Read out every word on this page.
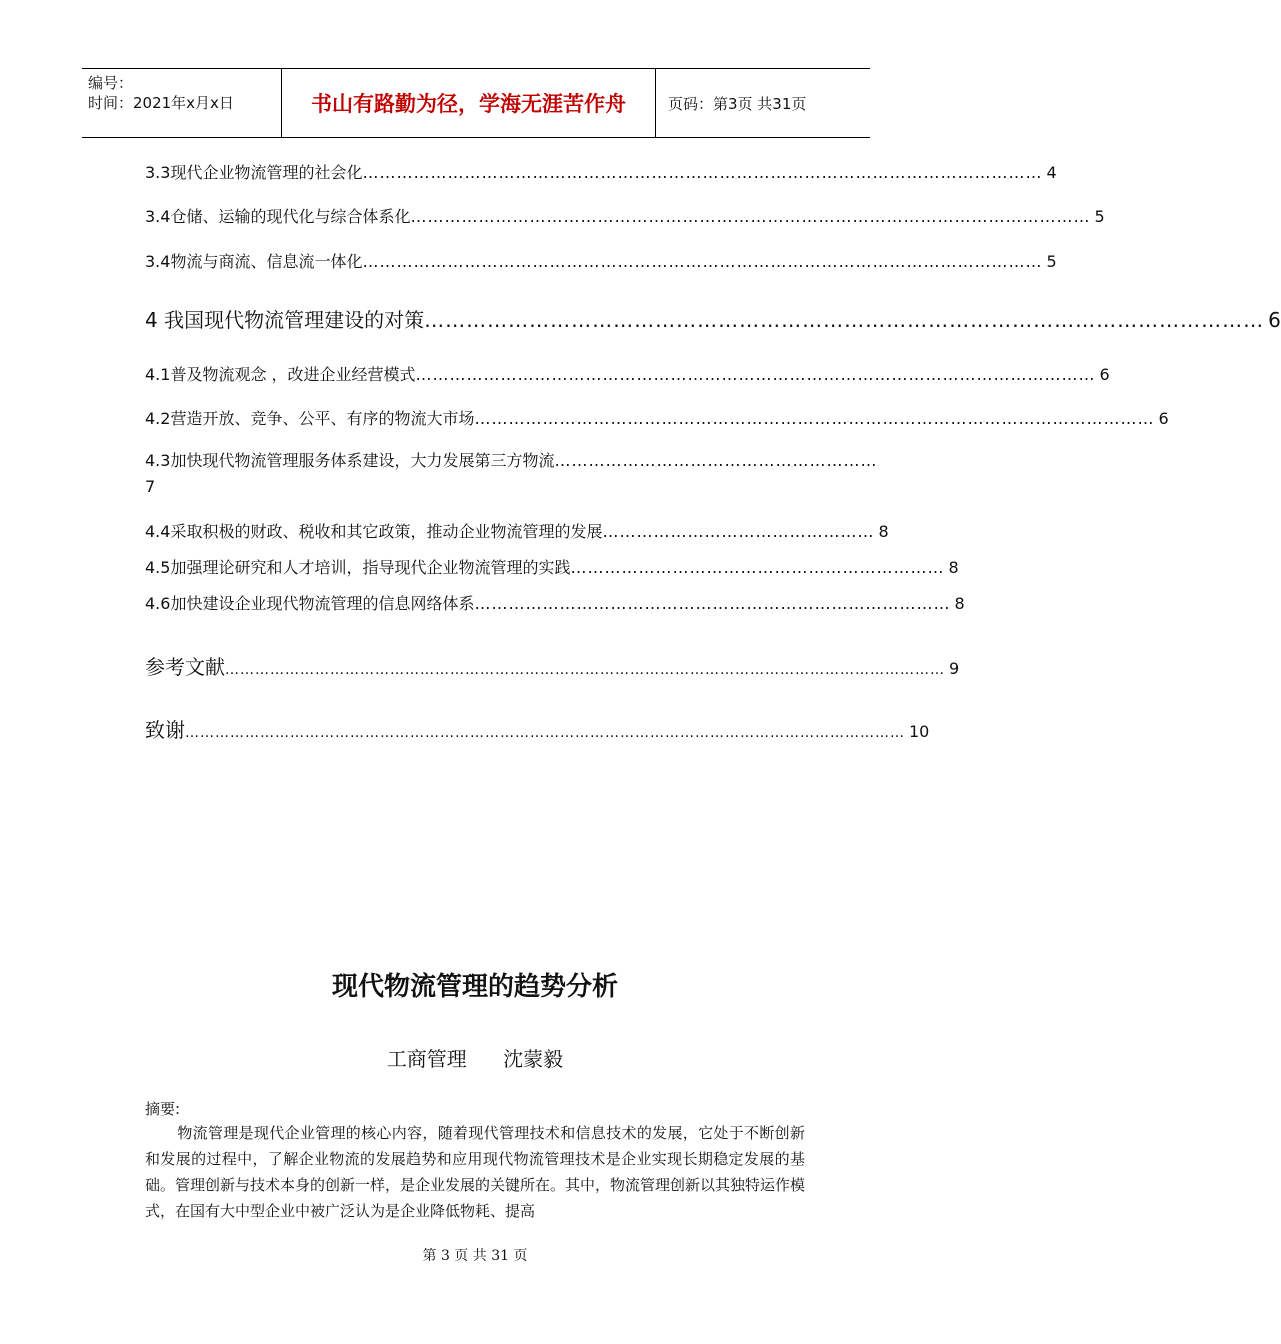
编号：
时间：2021年x月x日	书山有路勤为径，学海无涯苦作舟	页码：第3页 共31页
3.3现代企业物流管理的社会化 ………………………………………………………………………………………………………… 4
3.4仓储、运输的现代化与综合体系化 ………………………………………………………………………………………………………… 5
3.4物流与商流、信息流一体化 ………………………………………………………………………………………………………… 5
4 我国现代物流管理建设的对策 ………………………………………………………………………………………………………… 6
4.1普及物流观念 ，改进企业经营模式 ………………………………………………………………………………………………………… 6
4.2营造开放、竞争、公平、有序的物流大市场 ………………………………………………………………………………………………………… 6
4.3加快现代物流管理服务体系建设，大力发展第三方物流 …………………………………………………
7
4.4采取积极的财政、税收和其它政策，推动企业物流管理的发展 ………………………………………… 8
4.5加强理论研究和人才培训，指导现代企业物流管理的实践 ………………………………………………………… 8
4.6加快建设企业现代物流管理的信息网络体系 ………………………………………………………………………… 8
参考文献 ……………………………………………………………………………………………………………………………… 9
致谢 ……………………………………………………………………………………………………………………………… 10
现代物流管理的趋势分析
工商管理 沈蒙毅
摘要:
物流管理是现代企业管理的核心内容，随着现代管理技术和信息技术的发展，它处于不断创新和发展的过程中，了解企业物流的发展趋势和应用现代物流管理技术是企业实现长期稳定发展的基础。管理创新与技术本身的创新一样，是企业发展的关键所在。其中，物流管理创新以其独特运作模式，在国有大中型企业中被广泛认为是企业降低物耗、提高
第 3 页 共 31 页
